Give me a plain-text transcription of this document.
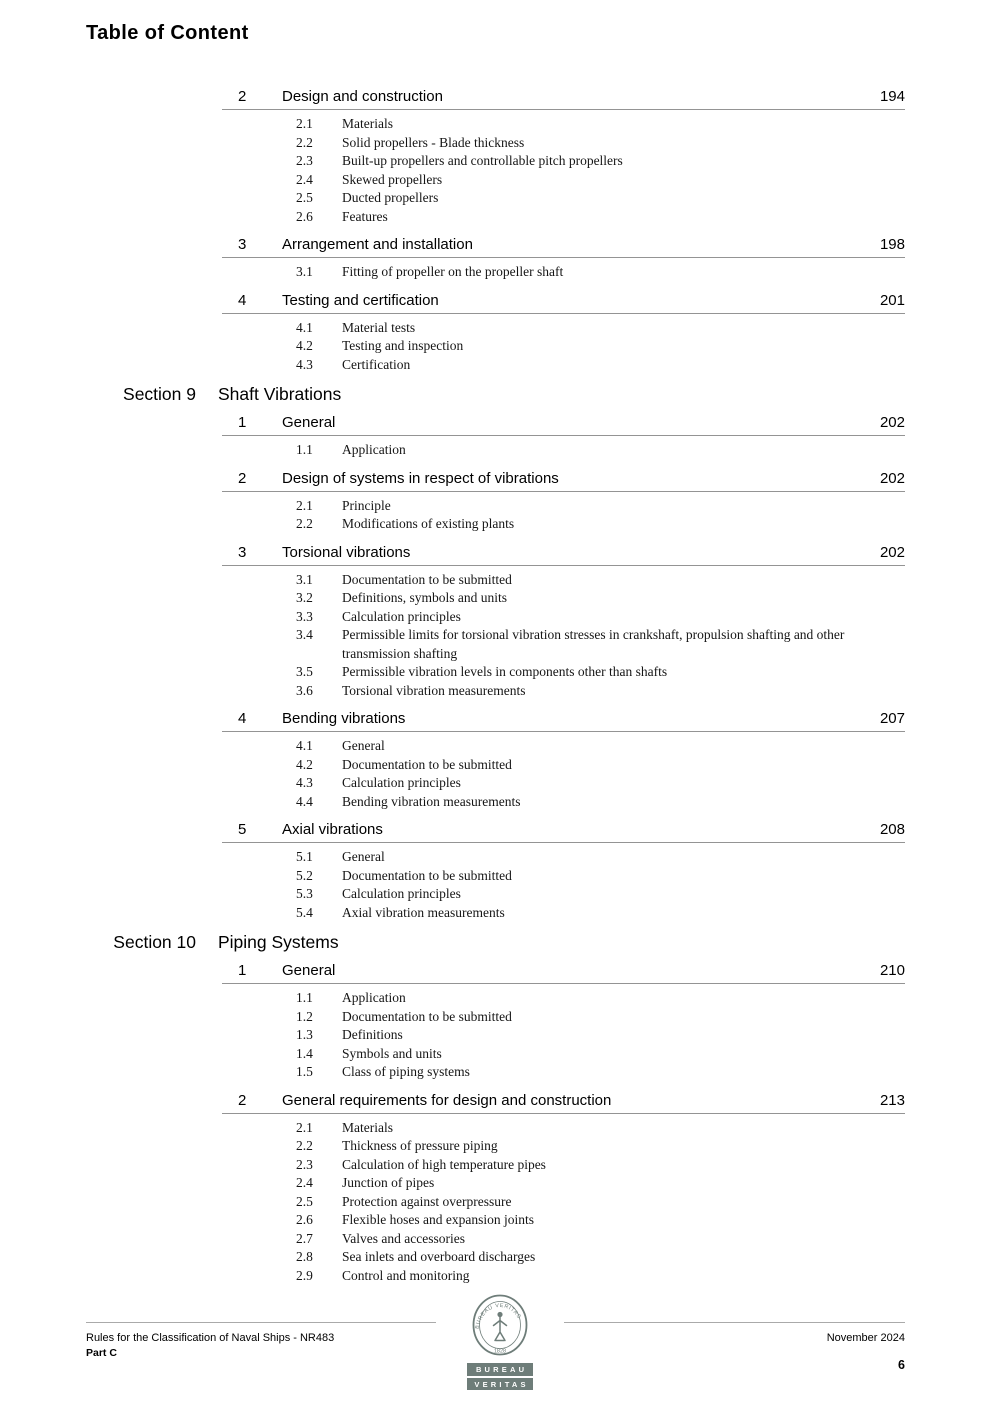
Table of Content
2	Design and construction	194
2.1	Materials
2.2	Solid propellers - Blade thickness
2.3	Built-up propellers and controllable pitch propellers
2.4	Skewed propellers
2.5	Ducted propellers
2.6	Features
3	Arrangement and installation	198
3.1	Fitting of propeller on the propeller shaft
4	Testing and certification	201
4.1	Material tests
4.2	Testing and inspection
4.3	Certification
Section 9 Shaft Vibrations
1	General	202
1.1	Application
2	Design of systems in respect of vibrations	202
2.1	Principle
2.2	Modifications of existing plants
3	Torsional vibrations	202
3.1	Documentation to be submitted
3.2	Definitions, symbols and units
3.3	Calculation principles
3.4	Permissible limits for torsional vibration stresses in crankshaft, propulsion shafting and other transmission shafting
3.5	Permissible vibration levels in components other than shafts
3.6	Torsional vibration measurements
4	Bending vibrations	207
4.1	General
4.2	Documentation to be submitted
4.3	Calculation principles
4.4	Bending vibration measurements
5	Axial vibrations	208
5.1	General
5.2	Documentation to be submitted
5.3	Calculation principles
5.4	Axial vibration measurements
Section 10 Piping Systems
1	General	210
1.1	Application
1.2	Documentation to be submitted
1.3	Definitions
1.4	Symbols and units
1.5	Class of piping systems
2	General requirements for design and construction	213
2.1	Materials
2.2	Thickness of pressure piping
2.3	Calculation of high temperature pipes
2.4	Junction of pipes
2.5	Protection against overpressure
2.6	Flexible hoses and expansion joints
2.7	Valves and accessories
2.8	Sea inlets and overboard discharges
2.9	Control and monitoring
Rules for the Classification of Naval Ships - NR483
Part C
November 2024
6
BUREAU VERITAS
1828
BUREAU
VERITAS
